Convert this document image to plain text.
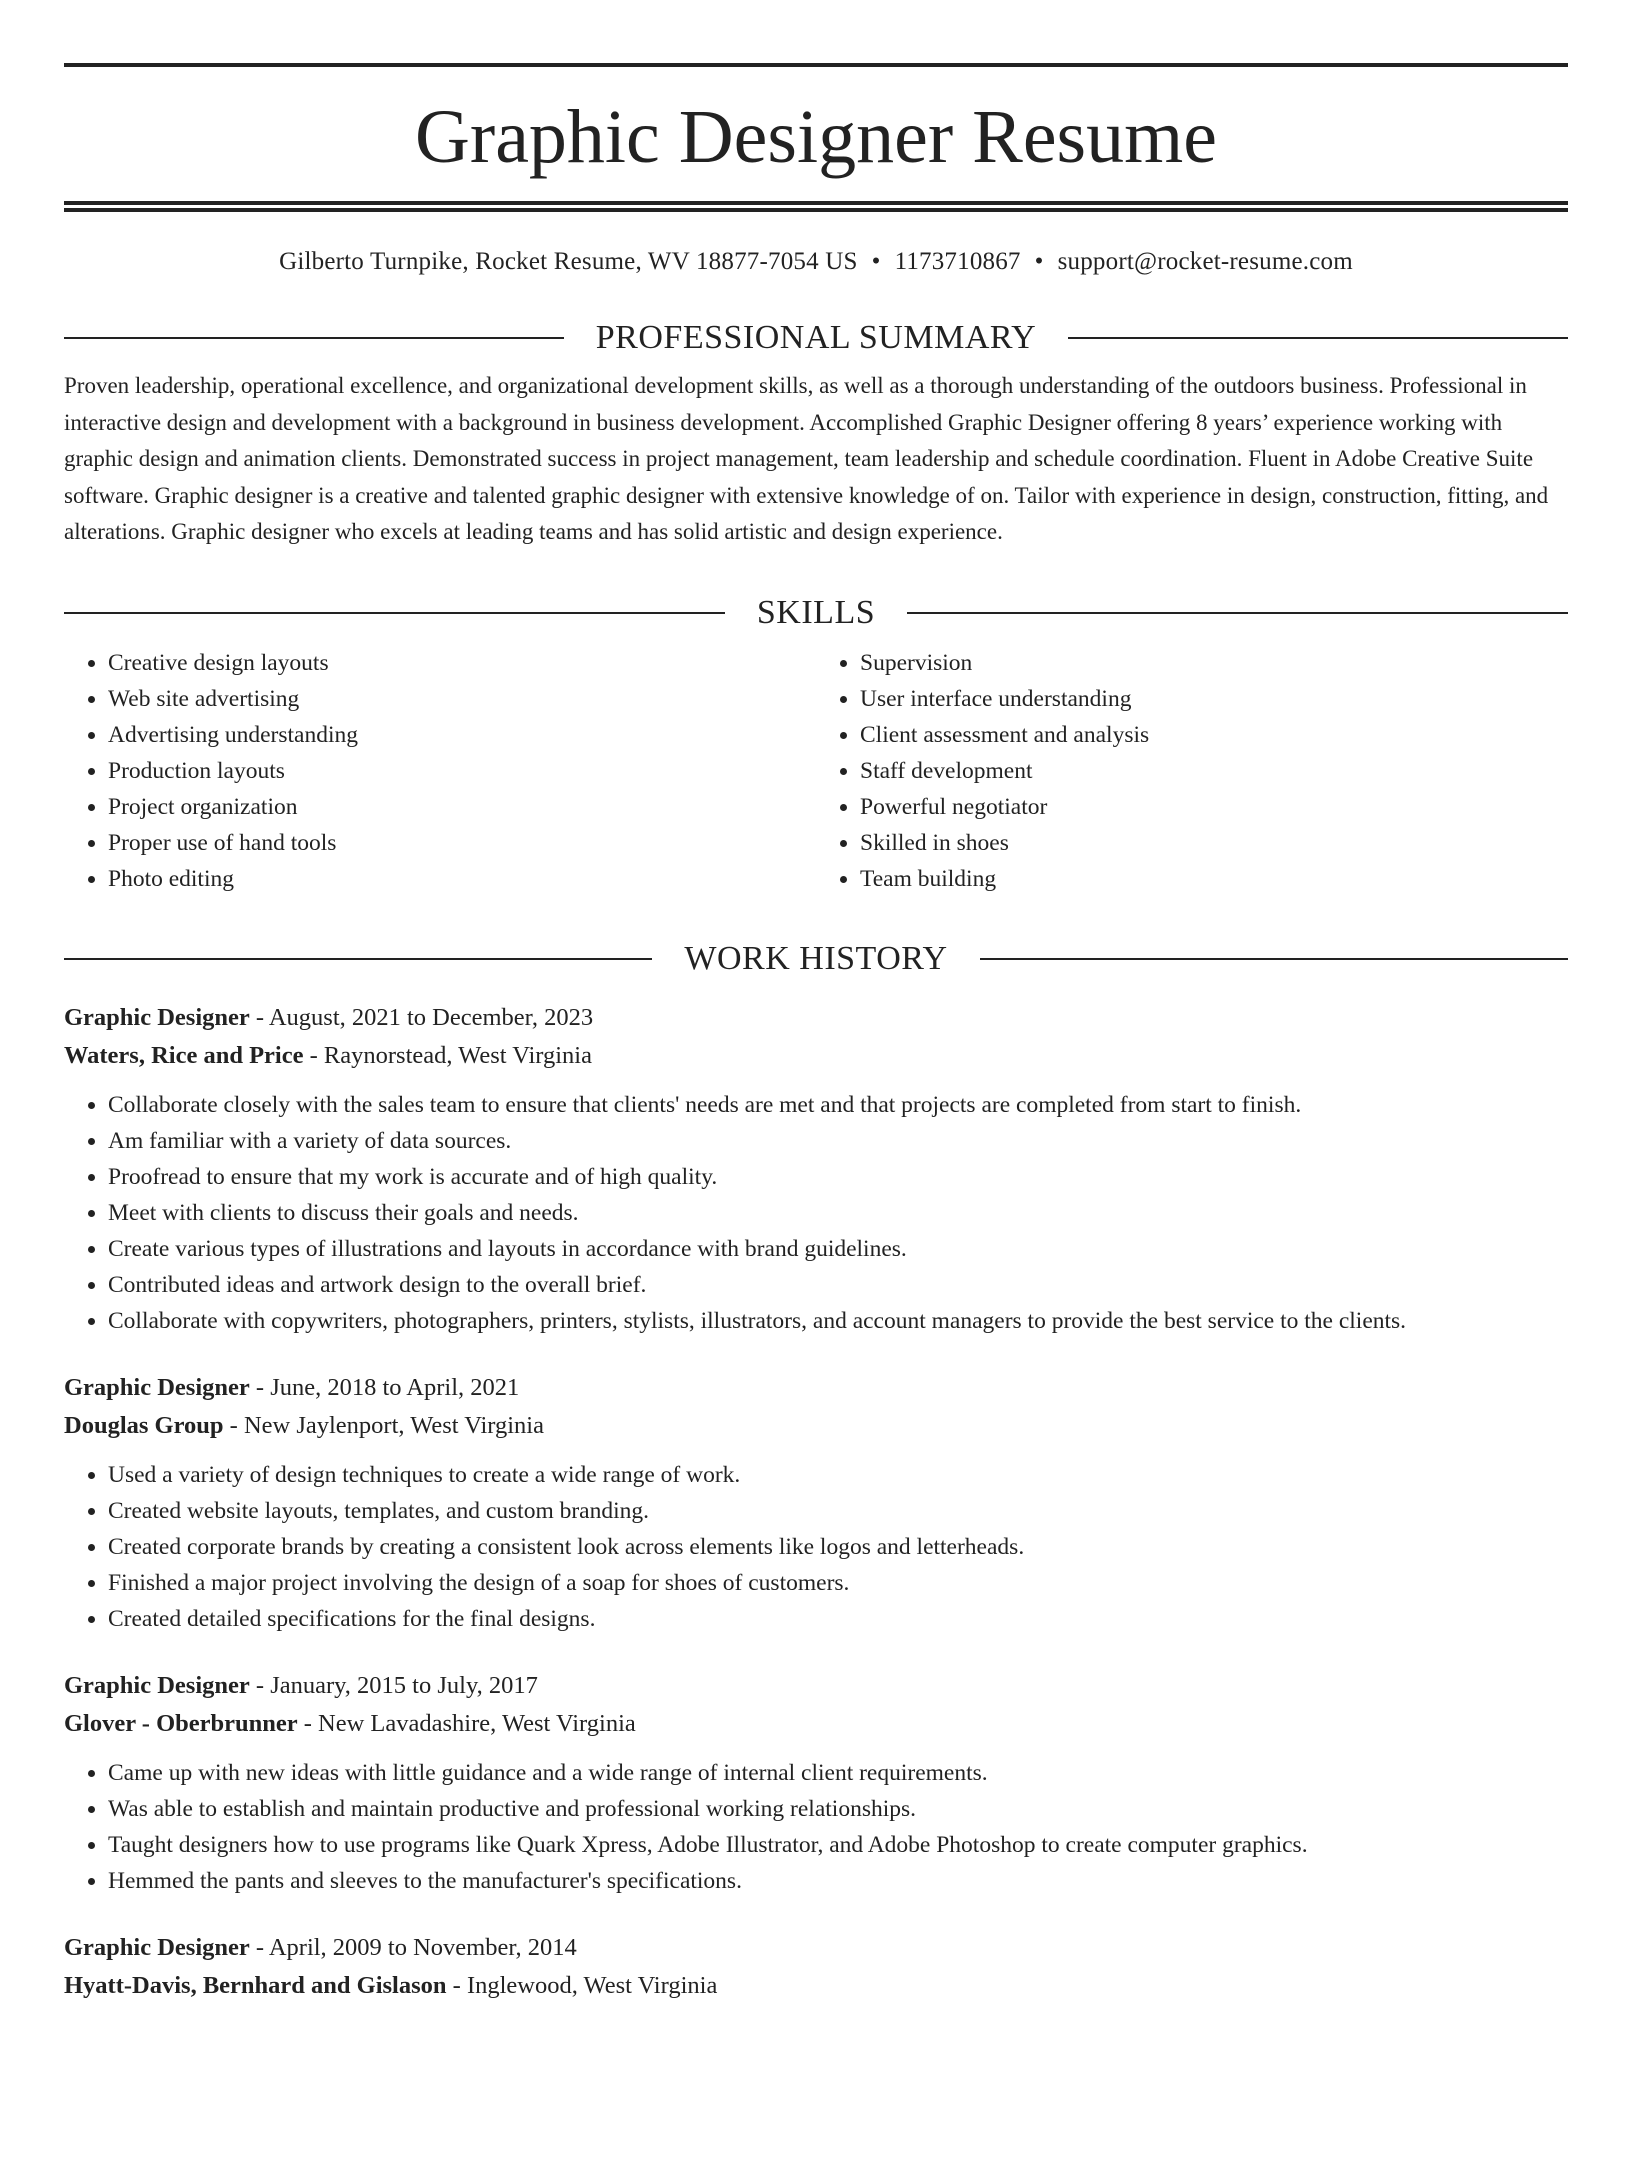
Graphic Designer Resume
Gilberto Turnpike, Rocket Resume, WV 18877-7054 US • 1173710867 • support@rocket-resume.com
PROFESSIONAL SUMMARY
Proven leadership, operational excellence, and organizational development skills, as well as a thorough understanding of the outdoors business. Professional in interactive design and development with a background in business development. Accomplished Graphic Designer offering 8 years’ experience working with graphic design and animation clients. Demonstrated success in project management, team leadership and schedule coordination. Fluent in Adobe Creative Suite software. Graphic designer is a creative and talented graphic designer with extensive knowledge of on. Tailor with experience in design, construction, fitting, and alterations. Graphic designer who excels at leading teams and has solid artistic and design experience.
SKILLS
• Creative design layouts
• Web site advertising
• Advertising understanding
• Production layouts
• Project organization
• Proper use of hand tools
• Photo editing
• Supervision
• User interface understanding
• Client assessment and analysis
• Staff development
• Powerful negotiator
• Skilled in shoes
• Team building
WORK HISTORY
Graphic Designer - August, 2021 to December, 2023
Waters, Rice and Price - Raynorstead, West Virginia
• Collaborate closely with the sales team to ensure that clients' needs are met and that projects are completed from start to finish.
• Am familiar with a variety of data sources.
• Proofread to ensure that my work is accurate and of high quality.
• Meet with clients to discuss their goals and needs.
• Create various types of illustrations and layouts in accordance with brand guidelines.
• Contributed ideas and artwork design to the overall brief.
• Collaborate with copywriters, photographers, printers, stylists, illustrators, and account managers to provide the best service to the clients.
Graphic Designer - June, 2018 to April, 2021
Douglas Group - New Jaylenport, West Virginia
• Used a variety of design techniques to create a wide range of work.
• Created website layouts, templates, and custom branding.
• Created corporate brands by creating a consistent look across elements like logos and letterheads.
• Finished a major project involving the design of a soap for shoes of customers.
• Created detailed specifications for the final designs.
Graphic Designer - January, 2015 to July, 2017
Glover - Oberbrunner - New Lavadashire, West Virginia
• Came up with new ideas with little guidance and a wide range of internal client requirements.
• Was able to establish and maintain productive and professional working relationships.
• Taught designers how to use programs like Quark Xpress, Adobe Illustrator, and Adobe Photoshop to create computer graphics.
• Hemmed the pants and sleeves to the manufacturer's specifications.
Graphic Designer - April, 2009 to November, 2014
Hyatt-Davis, Bernhard and Gislason - Inglewood, West Virginia
